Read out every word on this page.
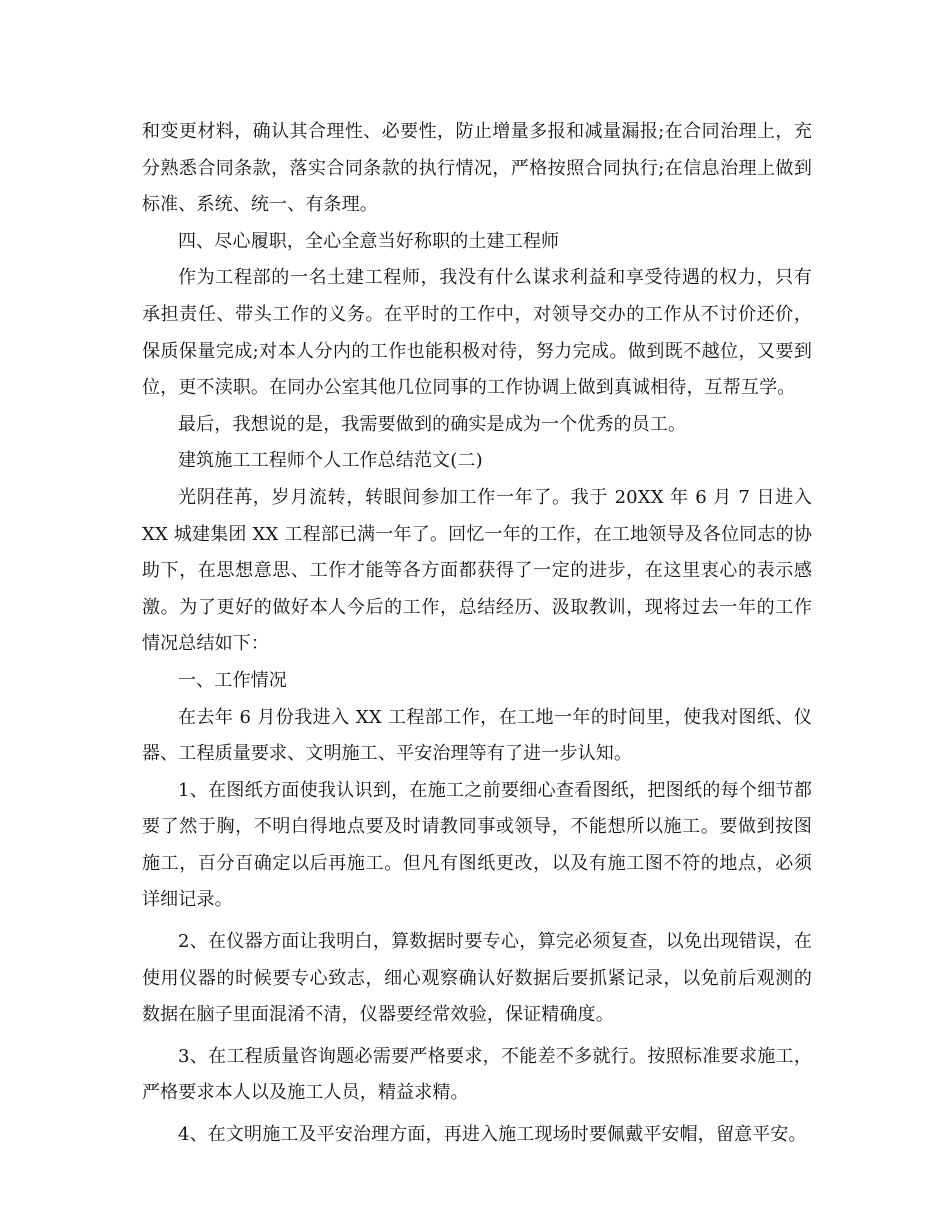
和变更材料，确认其合理性、必要性，防止增量多报和减量漏报;在合同治理上，充分熟悉合同条款，落实合同条款的执行情况，严格按照合同执行;在信息治理上做到标准、系统、统一、有条理。

四、尽心履职，全心全意当好称职的土建工程师

作为工程部的一名土建工程师，我没有什么谋求利益和享受待遇的权力，只有承担责任、带头工作的义务。在平时的工作中，对领导交办的工作从不讨价还价，保质保量完成;对本人分内的工作也能积极对待，努力完成。做到既不越位，又要到位，更不渎职。在同办公室其他几位同事的工作协调上做到真诚相待，互帮互学。

最后，我想说的是，我需要做到的确实是成为一个优秀的员工。

建筑施工工程师个人工作总结范文(二)

光阴荏苒，岁月流转，转眼间参加工作一年了。我于 20XX 年 6 月 7 日进入 XX 城建集团 XX 工程部已满一年了。回忆一年的工作，在工地领导及各位同志的协助下，在思想意思、工作才能等各方面都获得了一定的进步，在这里衷心的表示感激。为了更好的做好本人今后的工作，总结经历、汲取教训，现将过去一年的工作情况总结如下：

一、工作情况

在去年 6 月份我进入 XX 工程部工作，在工地一年的时间里，使我对图纸、仪器、工程质量要求、文明施工、平安治理等有了进一步认知。

1、在图纸方面使我认识到，在施工之前要细心查看图纸，把图纸的每个细节都要了然于胸，不明白得地点要及时请教同事或领导，不能想所以施工。要做到按图施工，百分百确定以后再施工。但凡有图纸更改，以及有施工图不符的地点，必须详细记录。

2、在仪器方面让我明白，算数据时要专心，算完必须复查，以免出现错误，在使用仪器的时候要专心致志，细心观察确认好数据后要抓紧记录，以免前后观测的数据在脑子里面混淆不清，仪器要经常效验，保证精确度。

3、在工程质量咨询题必需要严格要求，不能差不多就行。按照标准要求施工，严格要求本人以及施工人员，精益求精。

4、在文明施工及平安治理方面，再进入施工现场时要佩戴平安帽，留意平安。
